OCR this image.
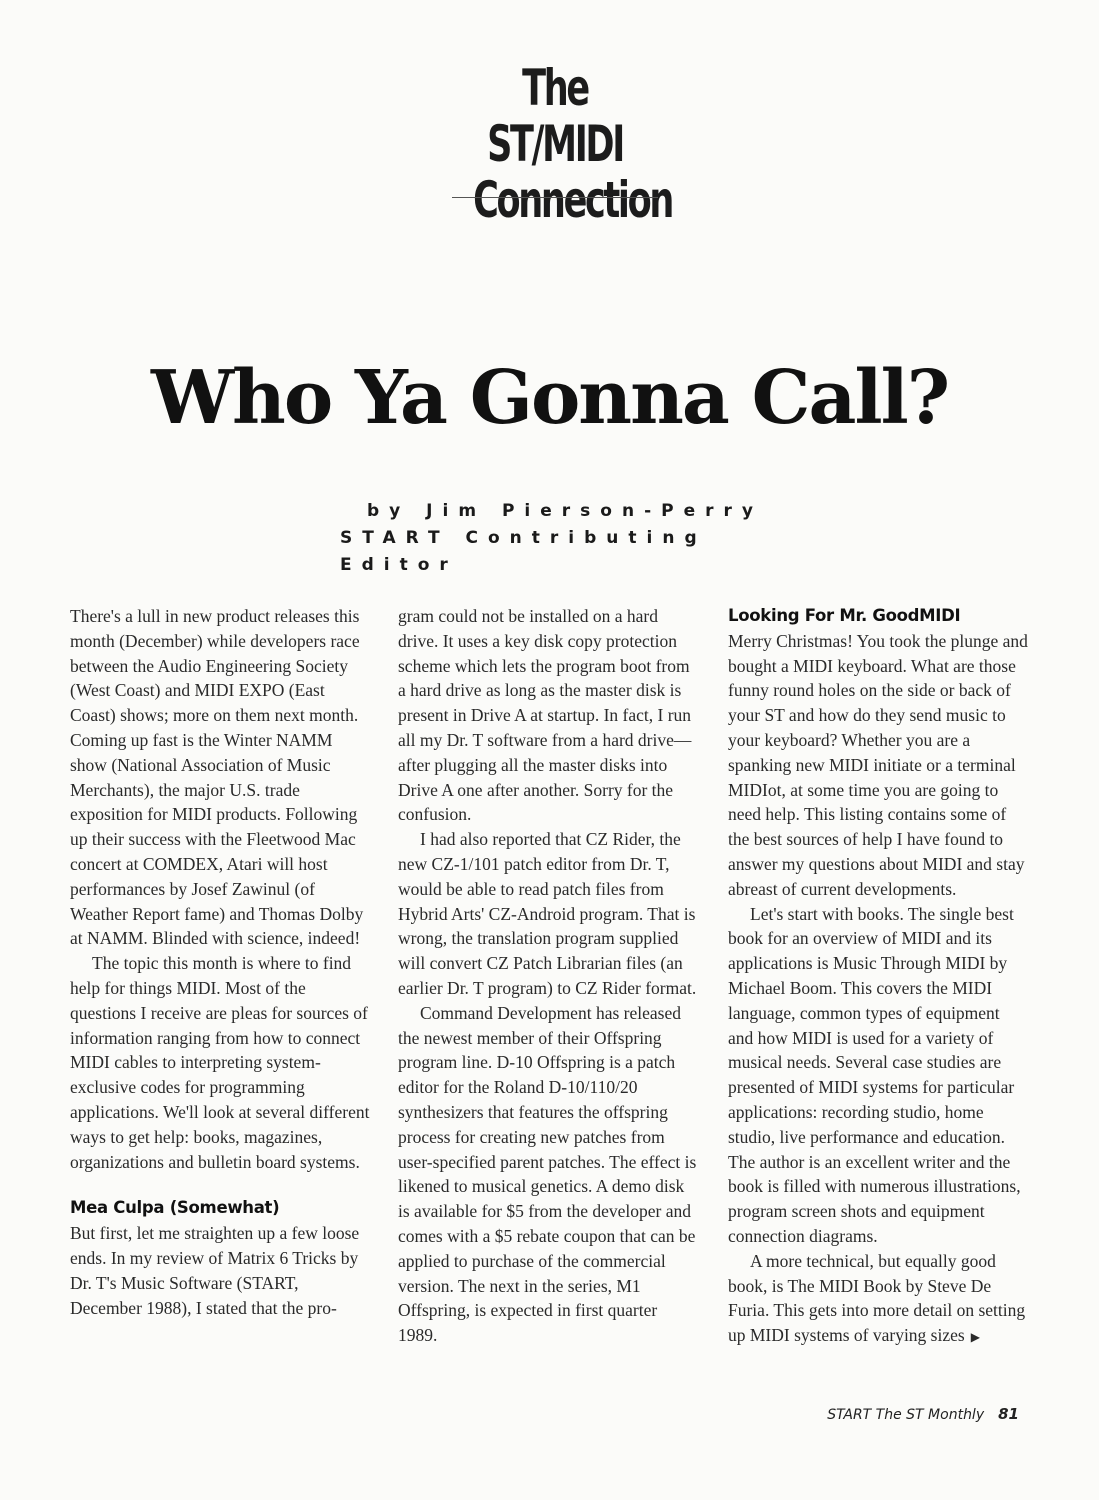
The ST/MIDI
Connection
Who Ya Gonna Call?
by Jim Pierson-Perry
START Contributing Editor

There's a lull in new product releases this month (December) while developers race between the Audio Engineering Society (West Coast) and MIDI EXPO (East Coast) shows; more on them next month. Coming up fast is the Winter NAMM show (National Association of Music Merchants), the major U.S. trade exposition for MIDI products. Following up their success with the Fleetwood Mac concert at COMDEX, Atari will host performances by Josef Zawinul (of Weather Report fame) and Thomas Dolby at NAMM. Blinded with science, indeed!

The topic this month is where to find help for things MIDI. Most of the questions I receive are pleas for sources of information ranging from how to connect MIDI cables to interpreting system-exclusive codes for programming applications. We'll look at several different ways to get help: books, magazines, organizations and bulletin board systems.

Mea Culpa (Somewhat)

But first, let me straighten up a few loose ends. In my review of Matrix 6 Tricks by Dr. T's Music Software (START, December 1988), I stated that the pro-

gram could not be installed on a hard drive. It uses a key disk copy protection scheme which lets the program boot from a hard drive as long as the master disk is present in Drive A at startup. In fact, I run all my Dr. T software from a hard drive—after plugging all the master disks into Drive A one after another. Sorry for the confusion.

I had also reported that CZ Rider, the new CZ-1/101 patch editor from Dr. T, would be able to read patch files from Hybrid Arts' CZ-Android program. That is wrong, the translation program supplied will convert CZ Patch Librarian files (an earlier Dr. T program) to CZ Rider format.

Command Development has released the newest member of their Offspring program line. D-10 Offspring is a patch editor for the Roland D-10/110/20 synthesizers that features the offspring process for creating new patches from user-specified parent patches. The effect is likened to musical genetics. A demo disk is available for $5 from the developer and comes with a $5 rebate coupon that can be applied to purchase of the commercial version. The next in the series, M1 Offspring, is expected in first quarter 1989.

Looking For Mr. GoodMIDI

Merry Christmas! You took the plunge and bought a MIDI keyboard. What are those funny round holes on the side or back of your ST and how do they send music to your keyboard? Whether you are a spanking new MIDI initiate or a terminal MIDIot, at some time you are going to need help. This listing contains some of the best sources of help I have found to answer my questions about MIDI and stay abreast of current developments.

Let's start with books. The single best book for an overview of MIDI and its applications is Music Through MIDI by Michael Boom. This covers the MIDI language, common types of equipment and how MIDI is used for a variety of musical needs. Several case studies are presented of MIDI systems for particular applications: recording studio, home studio, live performance and education. The author is an excellent writer and the book is filled with numerous illustrations, program screen shots and equipment connection diagrams.

A more technical, but equally good book, is The MIDI Book by Steve De Furia. This gets into more detail on setting up MIDI systems of varying sizes ▶

START The ST Monthly 81
